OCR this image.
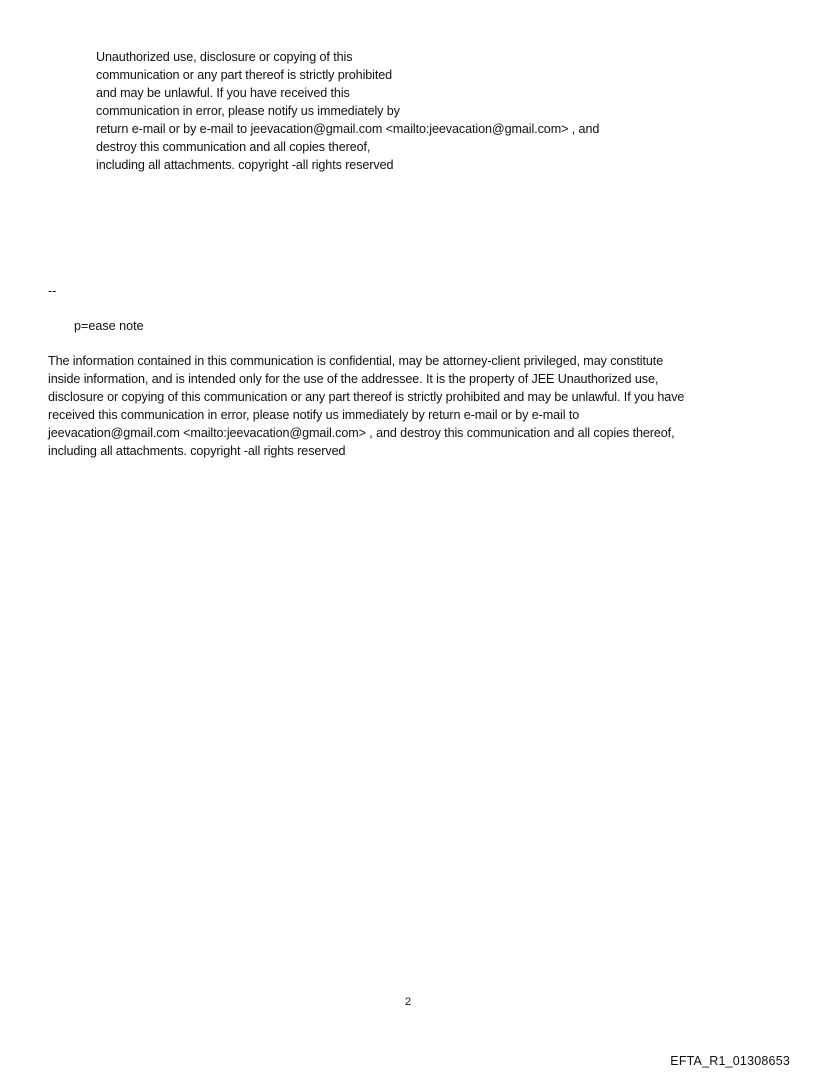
Unauthorized use, disclosure or copying of this
communication or any part thereof is strictly prohibited
and may be unlawful. If you have received this
communication in error, please notify us immediately by
return e-mail or by e-mail to jeevacation@gmail.com <mailto:jeevacation@gmail.com> , and
destroy this communication and all copies thereof,
including all attachments. copyright -all rights reserved
--
p=ease note
The information contained in this communication is confidential, may be attorney-client privileged, may constitute
inside information, and is intended only for the use of the addressee. It is the property of JEE Unauthorized use,
disclosure or copying of this communication or any part thereof is strictly prohibited and may be unlawful. If you have
received this communication in error, please notify us immediately by return e-mail or by e-mail to
jeevacation@gmail.com <mailto:jeevacation@gmail.com> , and destroy this communication and all copies thereof,
including all attachments. copyright -all rights reserved
2
EFTA_R1_01308653
